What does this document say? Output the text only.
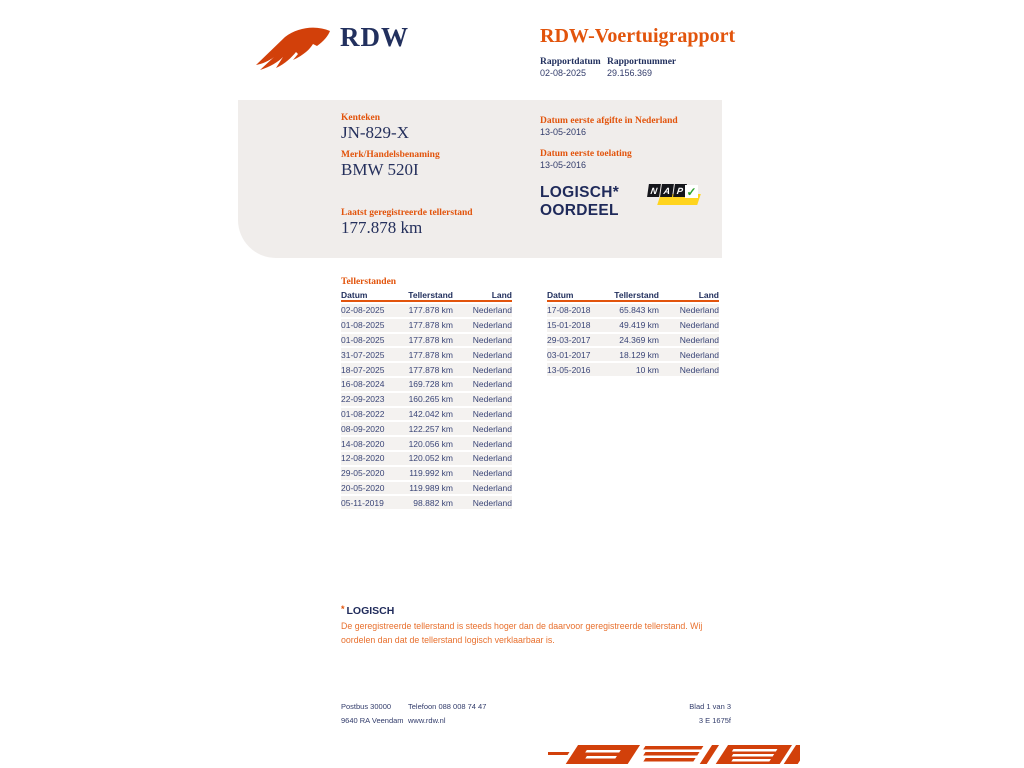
RDW	RDW-Voertuigrapport
Rapportdatum Rapportnummer
02-08-2025 29.156.369
Kenteken
JN-829-X
Merk/Handelsbenaming
BMW 520I
Laatst geregistreerde tellerstand
177.878 km
Datum eerste afgifte in Nederland
13-05-2016
Datum eerste toelating
13-05-2016
LOGISCH*
OORDEEL
N A P ✓
Tellerstanden
Datum	Tellerstand	Land
02-08-2025	177.878 km	Nederland
01-08-2025	177.878 km	Nederland
01-08-2025	177.878 km	Nederland
31-07-2025	177.878 km	Nederland
18-07-2025	177.878 km	Nederland
16-08-2024	169.728 km	Nederland
22-09-2023	160.265 km	Nederland
01-08-2022	142.042 km	Nederland
08-09-2020	122.257 km	Nederland
14-08-2020	120.056 km	Nederland
12-08-2020	120.052 km	Nederland
29-05-2020	119.992 km	Nederland
20-05-2020	119.989 km	Nederland
05-11-2019	98.882 km	Nederland
Datum	Tellerstand	Land
17-08-2018	65.843 km	Nederland
15-01-2018	49.419 km	Nederland
29-03-2017	24.369 km	Nederland
03-01-2017	18.129 km	Nederland
13-05-2016	10 km	Nederland
* LOGISCH
De geregistreerde tellerstand is steeds hoger dan de daarvoor geregistreerde tellerstand. Wij oordelen dan dat de tellerstand logisch verklaarbaar is.
Postbus 30000
9640 RA Veendam
Telefoon 088 008 74 47
www.rdw.nl
Blad 1 van 3
3 E 1675f
